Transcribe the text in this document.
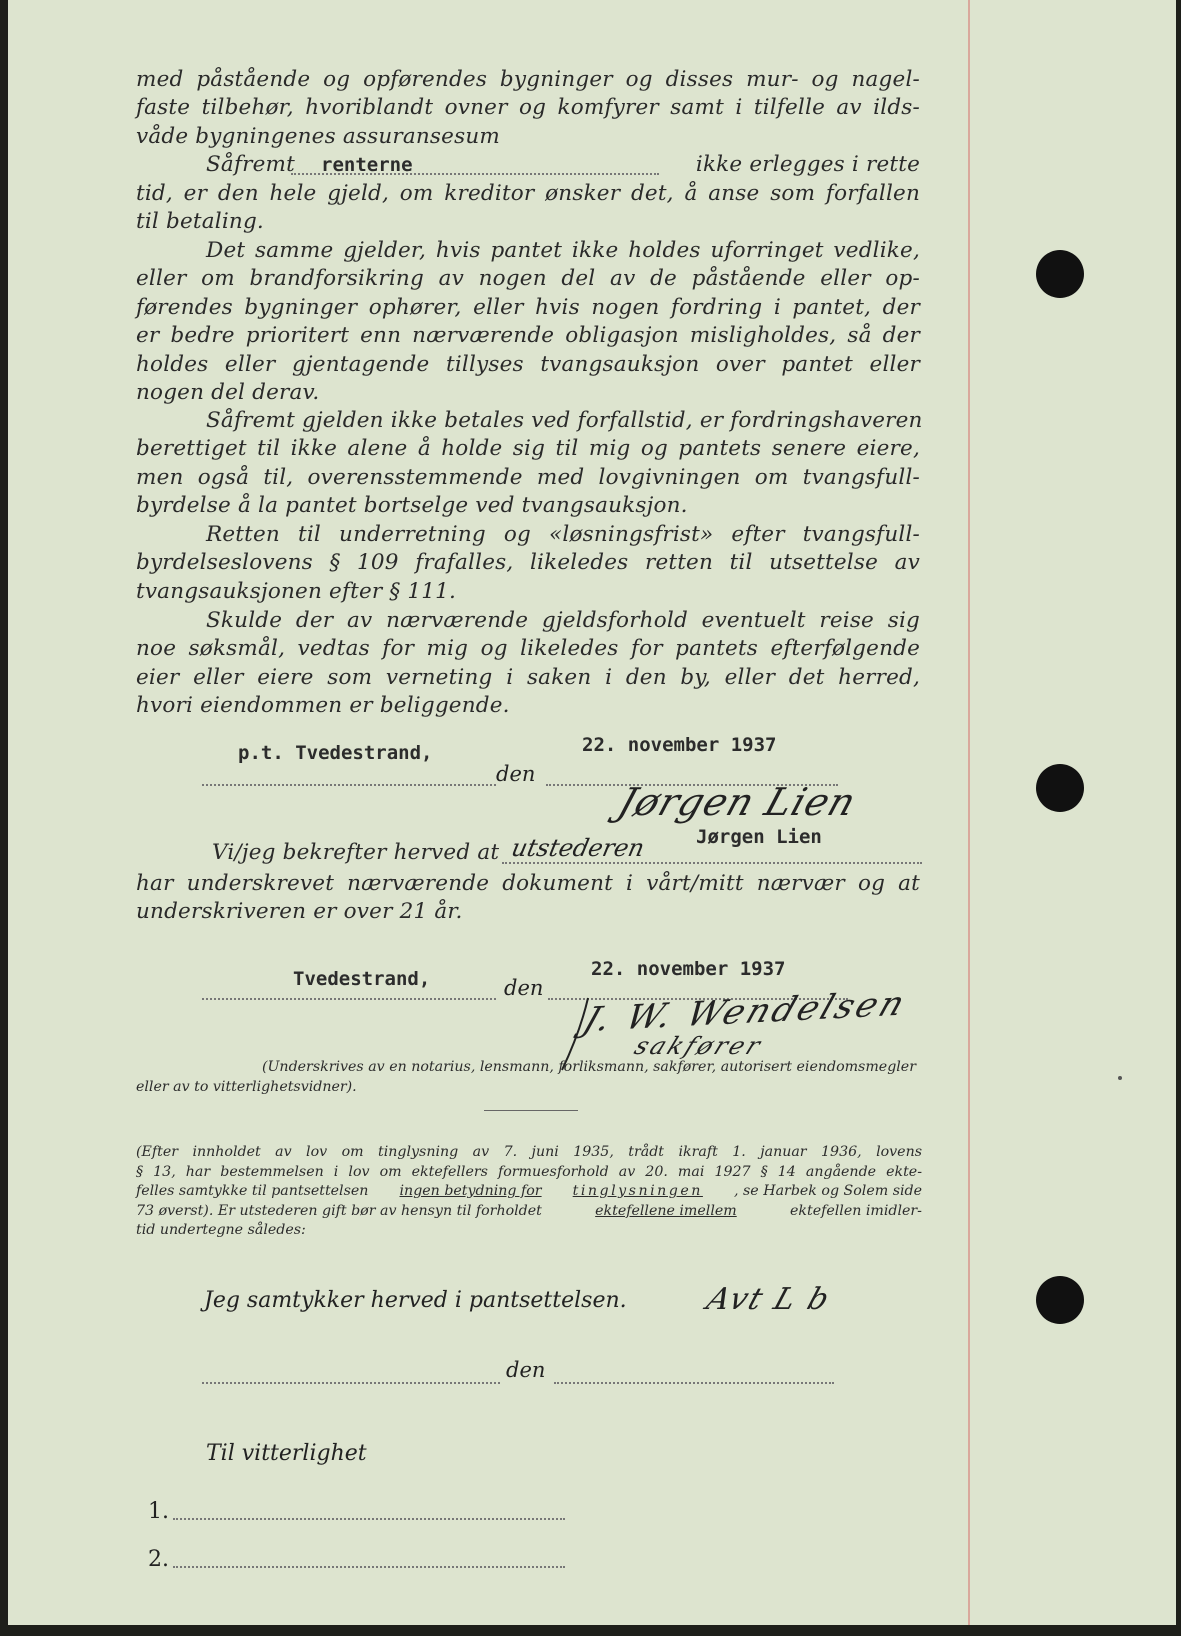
med påstående og opførendes bygninger og disses mur- og nagel-
faste tilbehør, hvoriblandt ovner og komfyrer samt i tilfelle av ilds-
våde bygningenes assuransesum
Såfremt	ikke erlegges i rette
renterne
tid, er den hele gjeld, om kreditor ønsker det, å anse som forfallen
til betaling.
Det samme gjelder, hvis pantet ikke holdes uforringet vedlike,
eller om brandforsikring av nogen del av de påstående eller op-
førendes bygninger ophører, eller hvis nogen fordring i pantet, der
er bedre prioritert enn nærværende obligasjon misligholdes, så der
holdes eller gjentagende tillyses tvangsauksjon over pantet eller
nogen del derav.
Såfremt gjelden ikke betales ved forfallstid, er fordringshaveren
berettiget til ikke alene å holde sig til mig og pantets senere eiere,
men også til, overensstemmende med lovgivningen om tvangsfull-
byrdelse å la pantet bortselge ved tvangsauksjon.
Retten til underretning og «løsningsfrist» efter tvangsfull-
byrdelseslovens § 109 frafalles, likeledes retten til utsettelse av
tvangsauksjonen efter § 111.
Skulde der av nærværende gjeldsforhold eventuelt reise sig
noe søksmål, vedtas for mig og likeledes for pantets efterfølgende
eier eller eiere som verneting i saken i den by, eller det herred,
hvori eiendommen er beliggende.
p.t. Tvedestrand,	22. november 1937
den
Jørgen Lien
Vi/jeg bekrefter herved at utstederen	Jørgen Lien
har underskrevet nærværende dokument i vårt/mitt nærvær og at
underskriveren er over 21 år.
Tvedestrand,	22. november 1937
den J. W. Wendelsen
sakfører
(Underskrives av en notarius, lensmann, forliksmann, sakfører, autorisert eiendomsmegler
eller av to vitterlighetsvidner).
(Efter innholdet av lov om tinglysning av 7. juni 1935, trådt ikraft 1. januar 1936, lovens
§ 13, har bestemmelsen i lov om ektefellers formuesforhold av 20. mai 1927 § 14 angående ekte-
felles samtykke til pantsettelsen ingen betydning for tinglysningen , se Harbek og Solem side
73 øverst). Er utstederen gift bør av hensyn til forholdet	ektefellene imellem	ektefellen imidler-
tid undertegne således:
Jeg samtykker herved i pantsettelsen.	Avt L b
den
Til vitterlighet
1.
2.
